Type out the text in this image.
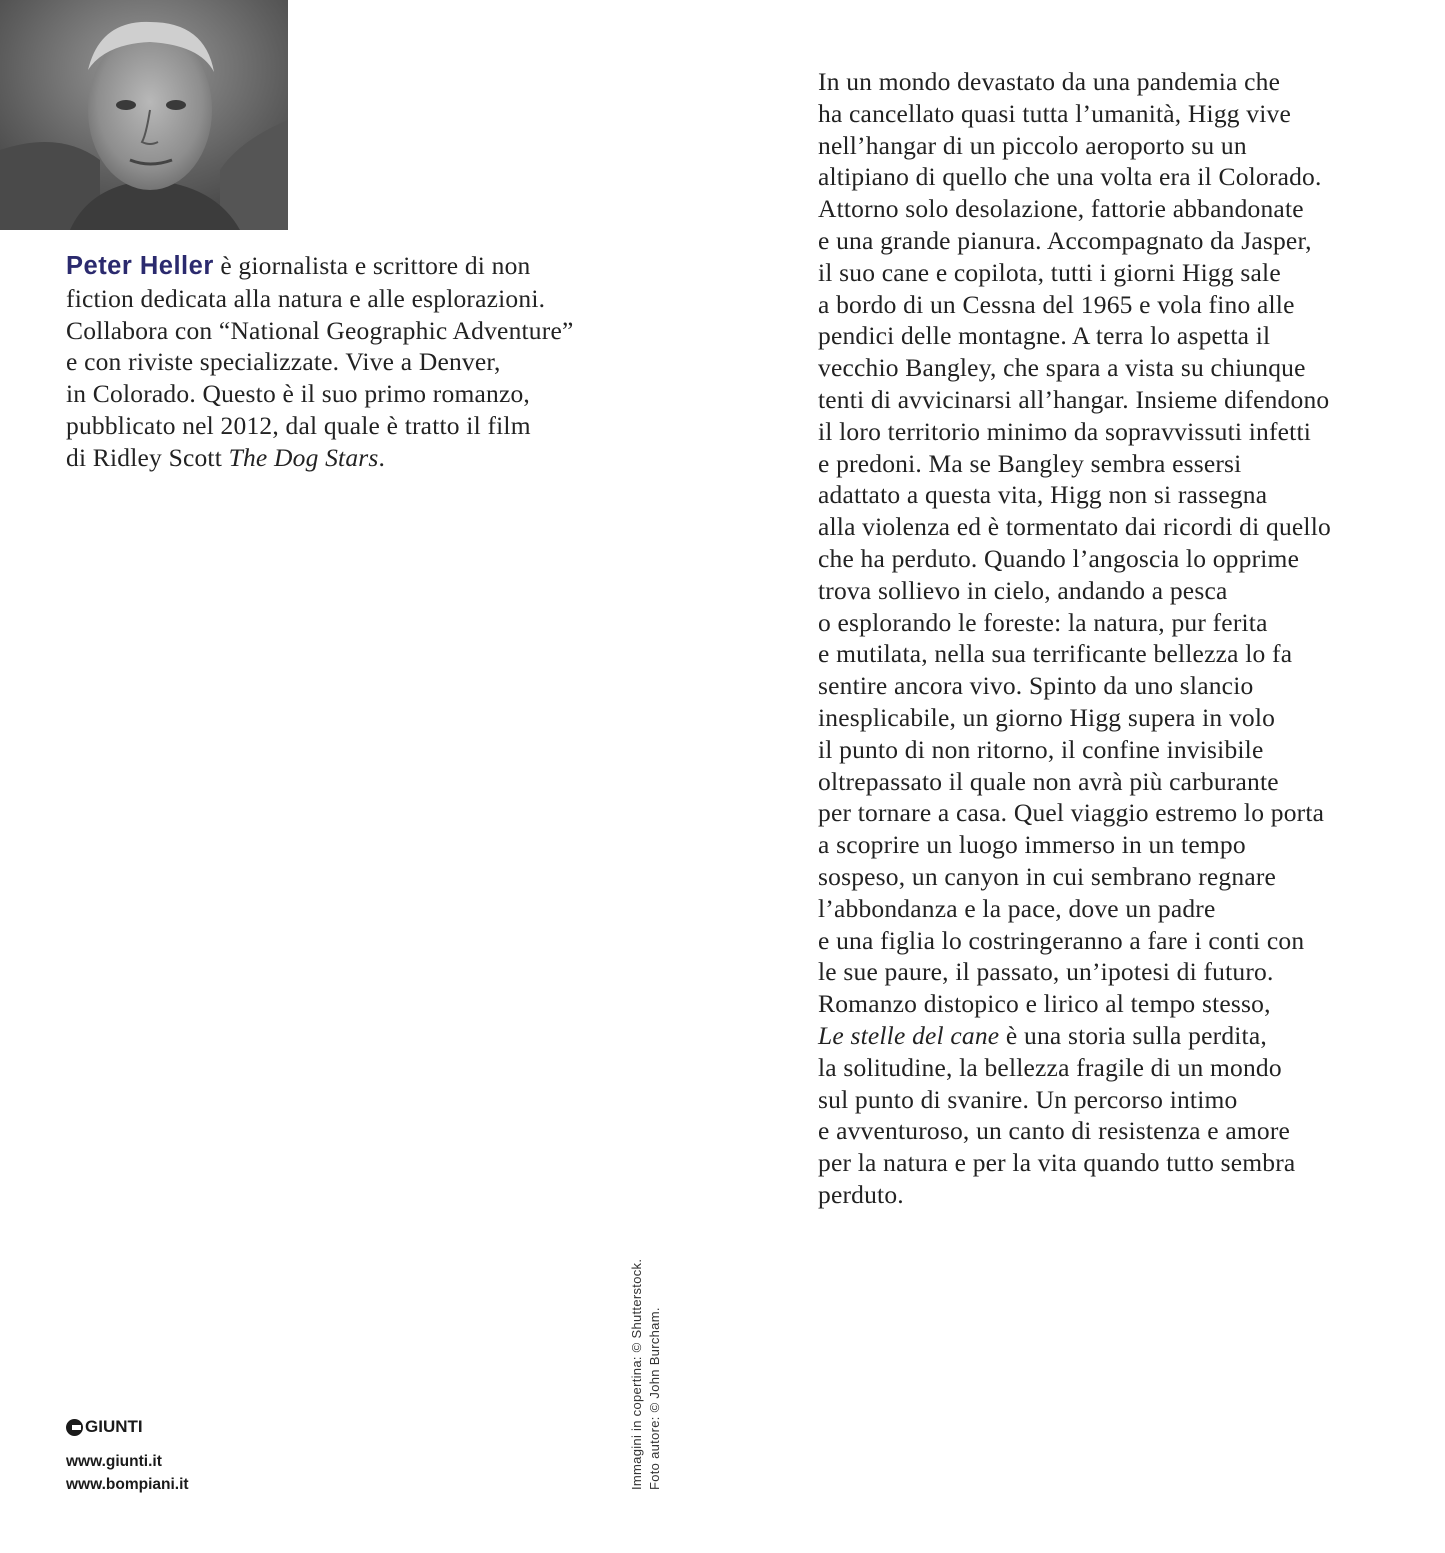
Peter Heller è giornalista e scrittore di non
fiction dedicata alla natura e alle esplorazioni.
Collabora con “National Geographic Adventure”
e con riviste specializzate. Vive a Denver,
in Colorado. Questo è il suo primo romanzo,
pubblicato nel 2012, dal quale è tratto il film
di Ridley Scott The Dog Stars.
In un mondo devastato da una pandemia che
ha cancellato quasi tutta l’umanità, Higg vive
nell’hangar di un piccolo aeroporto su un
altipiano di quello che una volta era il Colorado.
Attorno solo desolazione, fattorie abbandonate
e una grande pianura. Accompagnato da Jasper,
il suo cane e copilota, tutti i giorni Higg sale
a bordo di un Cessna del 1965 e vola fino alle
pendici delle montagne. A terra lo aspetta il
vecchio Bangley, che spara a vista su chiunque
tenti di avvicinarsi all’hangar. Insieme difendono
il loro territorio minimo da sopravvissuti infetti
e predoni. Ma se Bangley sembra essersi
adattato a questa vita, Higg non si rassegna
alla violenza ed è tormentato dai ricordi di quello
che ha perduto. Quando l’angoscia lo opprime
trova sollievo in cielo, andando a pesca
o esplorando le foreste: la natura, pur ferita
e mutilata, nella sua terrificante bellezza lo fa
sentire ancora vivo. Spinto da uno slancio
inesplicabile, un giorno Higg supera in volo
il punto di non ritorno, il confine invisibile
oltrepassato il quale non avrà più carburante
per tornare a casa. Quel viaggio estremo lo porta
a scoprire un luogo immerso in un tempo
sospeso, un canyon in cui sembrano regnare
l’abbondanza e la pace, dove un padre
e una figlia lo costringeranno a fare i conti con
le sue paure, il passato, un’ipotesi di futuro.
Romanzo distopico e lirico al tempo stesso,
Le stelle del cane è una storia sulla perdita,
la solitudine, la bellezza fragile di un mondo
sul punto di svanire. Un percorso intimo
e avventuroso, un canto di resistenza e amore
per la natura e per la vita quando tutto sembra
perduto.
Immagini in copertina: © Shutterstock. Foto autore: © John Burcham.
GIUNTI
www.giunti.it
www.bompiani.it
